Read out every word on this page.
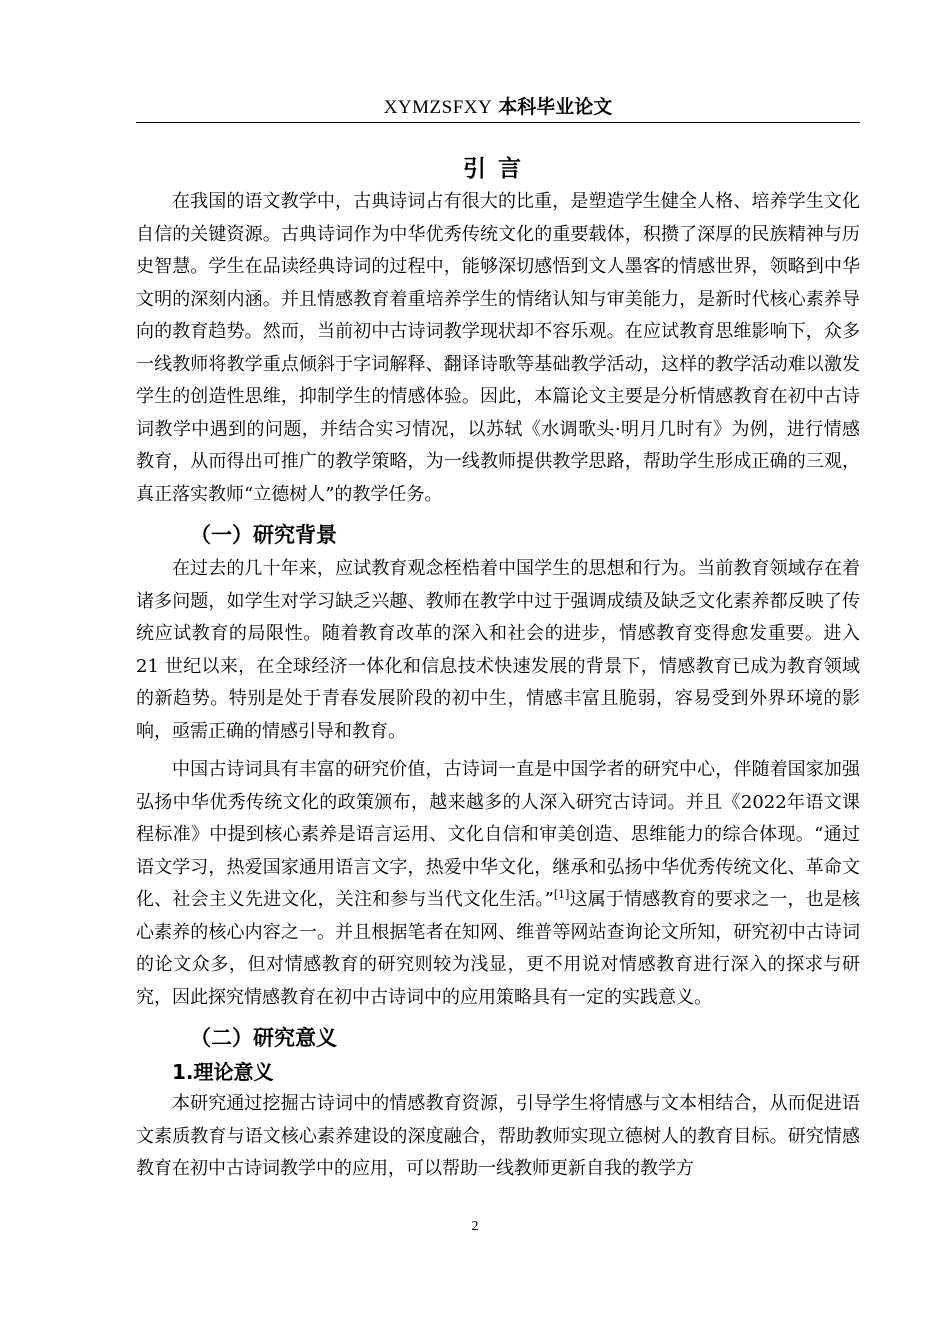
XYMZSFXY 本科毕业论文
引言

在我国的语文教学中，古典诗词占有很大的比重，是塑造学生健全人格、培养学生文化自信的关键资源。古典诗词作为中华优秀传统文化的重要载体，积攒了深厚的民族精神与历史智慧。学生在品读经典诗词的过程中，能够深切感悟到文人墨客的情感世界，领略到中华文明的深刻内涵。并且情感教育着重培养学生的情绪认知与审美能力，是新时代核心素养导向的教育趋势。然而，当前初中古诗词教学现状却不容乐观。在应试教育思维影响下，众多一线教师将教学重点倾斜于字词解释、翻译诗歌等基础教学活动，这样的教学活动难以激发学生的创造性思维，抑制学生的情感体验。因此，本篇论文主要是分析情感教育在初中古诗词教学中遇到的问题，并结合实习情况，以苏轼《水调歌头·明月几时有》为例，进行情感教育，从而得出可推广的教学策略，为一线教师提供教学思路，帮助学生形成正确的三观，真正落实教师“立德树人”的教学任务。

（一）研究背景

在过去的几十年来，应试教育观念桎梏着中国学生的思想和行为。当前教育领域存在着诸多问题，如学生对学习缺乏兴趣、教师在教学中过于强调成绩及缺乏文化素养都反映了传统应试教育的局限性。随着教育改革的深入和社会的进步，情感教育变得愈发重要。进入 21 世纪以来，在全球经济一体化和信息技术快速发展的背景下，情感教育已成为教育领域的新趋势。特别是处于青春发展阶段的初中生，情感丰富且脆弱，容易受到外界环境的影响，亟需正确的情感引导和教育。

中国古诗词具有丰富的研究价值，古诗词一直是中国学者的研究中心，伴随着国家加强弘扬中华优秀传统文化的政策颁布，越来越多的人深入研究古诗词。并且《2022年语文课程标准》中提到核心素养是语言运用、文化自信和审美创造、思维能力的综合体现。“通过语文学习，热爱国家通用语言文字，热爱中华文化，继承和弘扬中华优秀传统文化、革命文化、社会主义先进文化，关注和参与当代文化生活。”[1]这属于情感教育的要求之一，也是核心素养的核心内容之一。并且根据笔者在知网、维普等网站查询论文所知，研究初中古诗词的论文众多，但对情感教育的研究则较为浅显，更不用说对情感教育进行深入的探求与研究，因此探究情感教育在初中古诗词中的应用策略具有一定的实践意义。

（二）研究意义
1.理论意义

本研究通过挖掘古诗词中的情感教育资源，引导学生将情感与文本相结合，从而促进语文素质教育与语文核心素养建设的深度融合，帮助教师实现立德树人的教育目标。研究情感教育在初中古诗词教学中的应用，可以帮助一线教师更新自我的教学方

2
